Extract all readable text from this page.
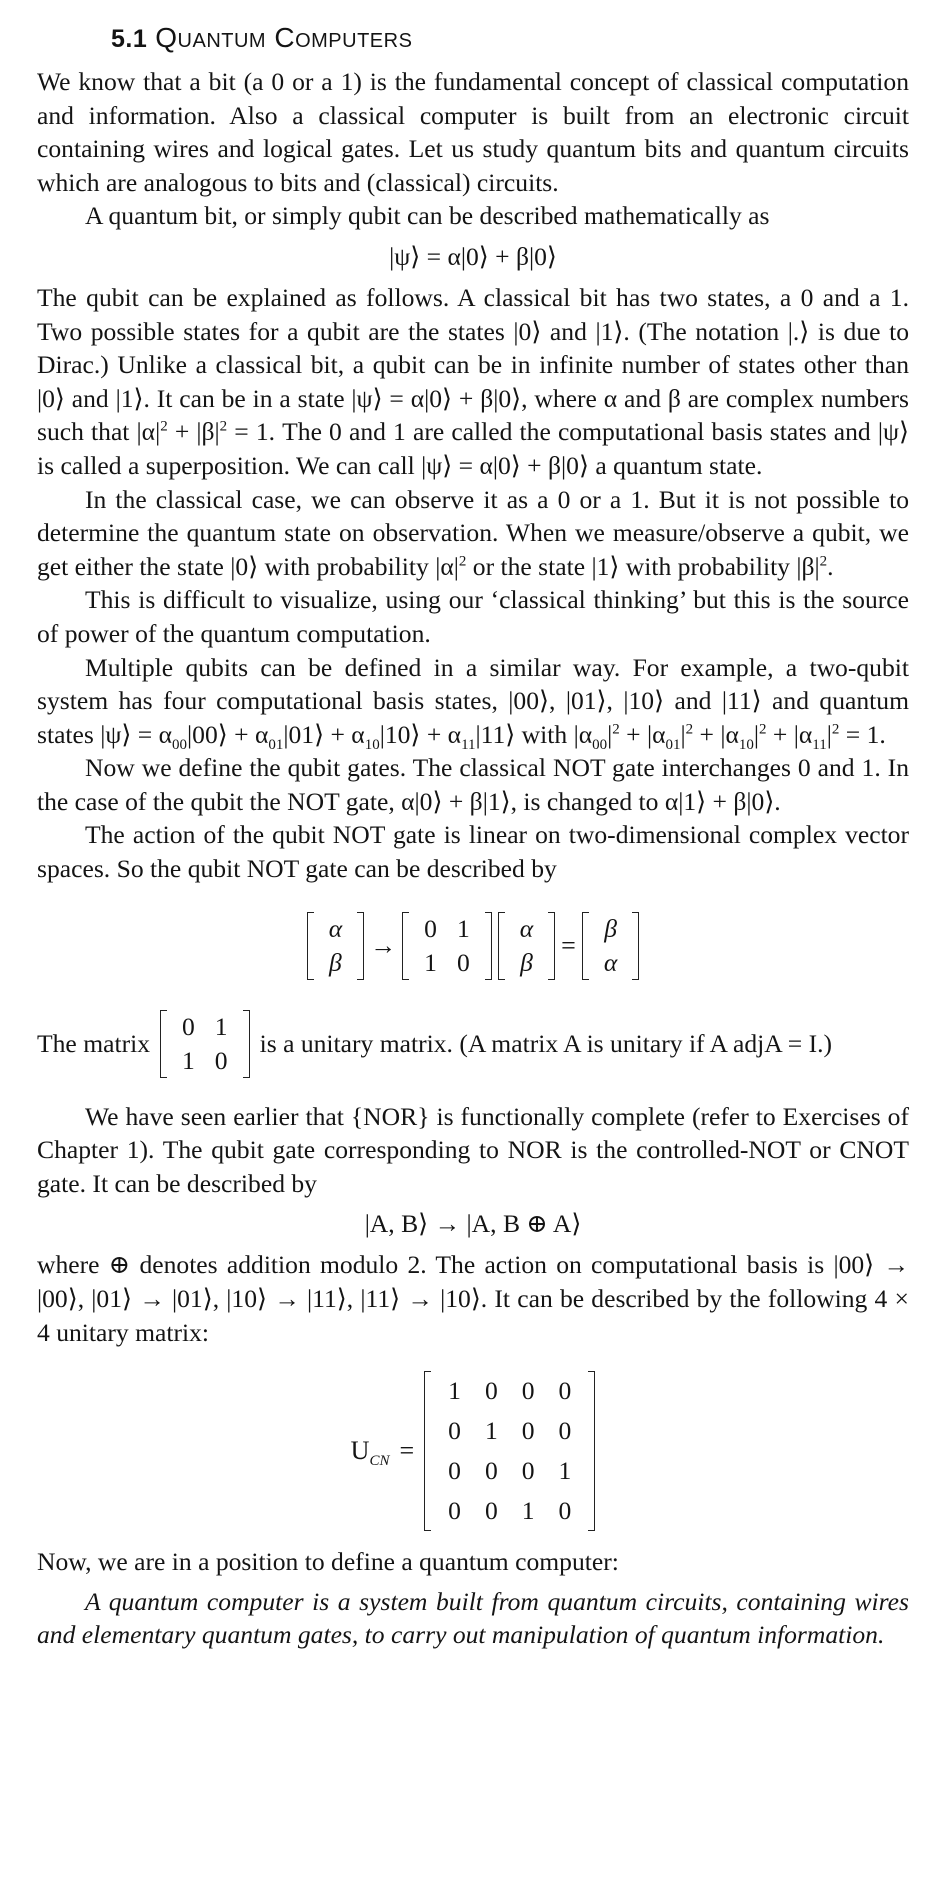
5.1 Quantum Computers

We know that a bit (a 0 or a 1) is the fundamental concept of classical computation and information. Also a classical computer is built from an electronic circuit containing wires and logical gates. Let us study quantum bits and quantum circuits which are analogous to bits and (classical) circuits.

A quantum bit, or simply qubit can be described mathematically as

|ψ⟩ = α|0⟩ + β|0⟩

The qubit can be explained as follows. A classical bit has two states, a 0 and a 1. Two possible states for a qubit are the states |0⟩ and |1⟩. (The notation |.⟩ is due to Dirac.) Unlike a classical bit, a qubit can be in infinite number of states other than |0⟩ and |1⟩. It can be in a state |ψ⟩ = α|0⟩ + β|0⟩, where α and β are complex numbers such that $|\alpha|^2 + |\beta|^2 = 1$. The 0 and 1 are called the computational basis states and |ψ⟩ is called a superposition. We can call |ψ⟩ = α|0⟩ + β|0⟩ a quantum state.

In the classical case, we can observe it as a 0 or a 1. But it is not possible to determine the quantum state on observation. When we measure/observe a qubit, we get either the state |0⟩ with probability $|\alpha|^2$ or the state |1⟩ with probability $|\beta|^2$.

This is difficult to visualize, using our ‘classical thinking’ but this is the source of power of the quantum computation.

Multiple qubits can be defined in a similar way. For example, a two-qubit system has four computational basis states, |00⟩, |01⟩, |10⟩ and |11⟩ and quantum states |ψ⟩ = $\alpha_{00}|00⟩$ + $\alpha_{01}|01⟩$ + $\alpha_{10}|10⟩$ + $\alpha_{11}|11⟩$ with $|\alpha_{00}|^2 + |\alpha_{01}|^2 + |\alpha_{10}|^2 + |\alpha_{11}|^2 = 1$.

Now we define the qubit gates. The classical NOT gate interchanges 0 and 1. In the case of the qubit the NOT gate, α|0⟩ + β|1⟩, is changed to α|1⟩ + β|0⟩.

The action of the qubit NOT gate is linear on two-dimensional complex vector spaces. So the qubit NOT gate can be described by

α
β
→
0	1
1	0
α
β
=
β
α
The matrix
0	1
1	0
is a unitary matrix. (A matrix A is unitary if A adjA = I.)

We have seen earlier that {NOR} is functionally complete (refer to Exercises of Chapter 1). The qubit gate corresponding to NOR is the controlled-NOT or CNOT gate. It can be described by

|A, B⟩ → |A, B ⊕ A⟩

where ⊕ denotes addition modulo 2. The action on computational basis is |00⟩ → |00⟩, |01⟩ → |01⟩, |10⟩ → |11⟩, |11⟩ → |10⟩. It can be described by the following 4 × 4 unitary matrix:

$U_{CN}$ =
1	0	0	0
0	1	0	0
0	0	0	1
0	0	1	0

Now, we are in a position to define a quantum computer:

A quantum computer is a system built from quantum circuits, containing wires and elementary quantum gates, to carry out manipulation of quantum information.
